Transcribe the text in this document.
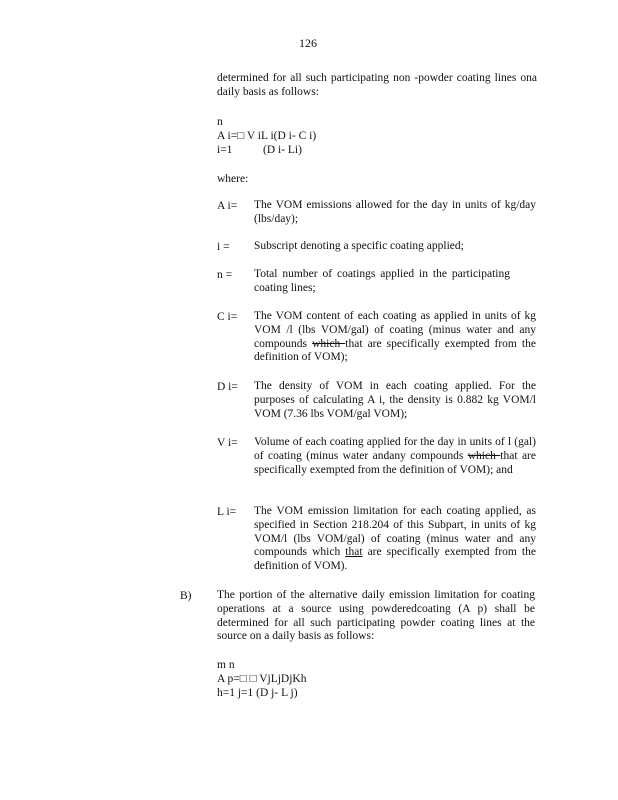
126
determined for all such participating non -powder coating lines ona daily basis as follows:
n
A i=□ V iL i(D i- C i)
i=1	(D i- Li)
where:
A i= The VOM emissions allowed for the day in units of kg/day (lbs/day);
i = Subscript denoting a specific coating applied;
n = Total number of coatings applied in the participating coating lines;
C i= The VOM content of each coating as applied in units of kg VOM /l (lbs VOM/gal) of coating (minus water and any compounds which that are specifically exempted from the definition of VOM);
D i= The density of VOM in each coating applied. For the purposes of calculating A i, the density is 0.882 kg VOM/l VOM (7.36 lbs VOM/gal VOM);
V i= Volume of each coating applied for the day in units of l (gal) of coating (minus water andany compounds which that are specifically exempted from the definition of VOM); and
L i= The VOM emission limitation for each coating applied, as specified in Section 218.204 of this Subpart, in units of kg VOM/l (lbs VOM/gal) of coating (minus water and any compounds which that are specifically exempted from the definition of VOM).
B) The portion of the alternative daily emission limitation for coating operations at a source using powderedcoating (A p) shall be determined for all such participating powder coating lines at the source on a daily basis as follows:
m n
A p=□ □ VjLjDjKh
h=1 j=1 (D j- L j)
